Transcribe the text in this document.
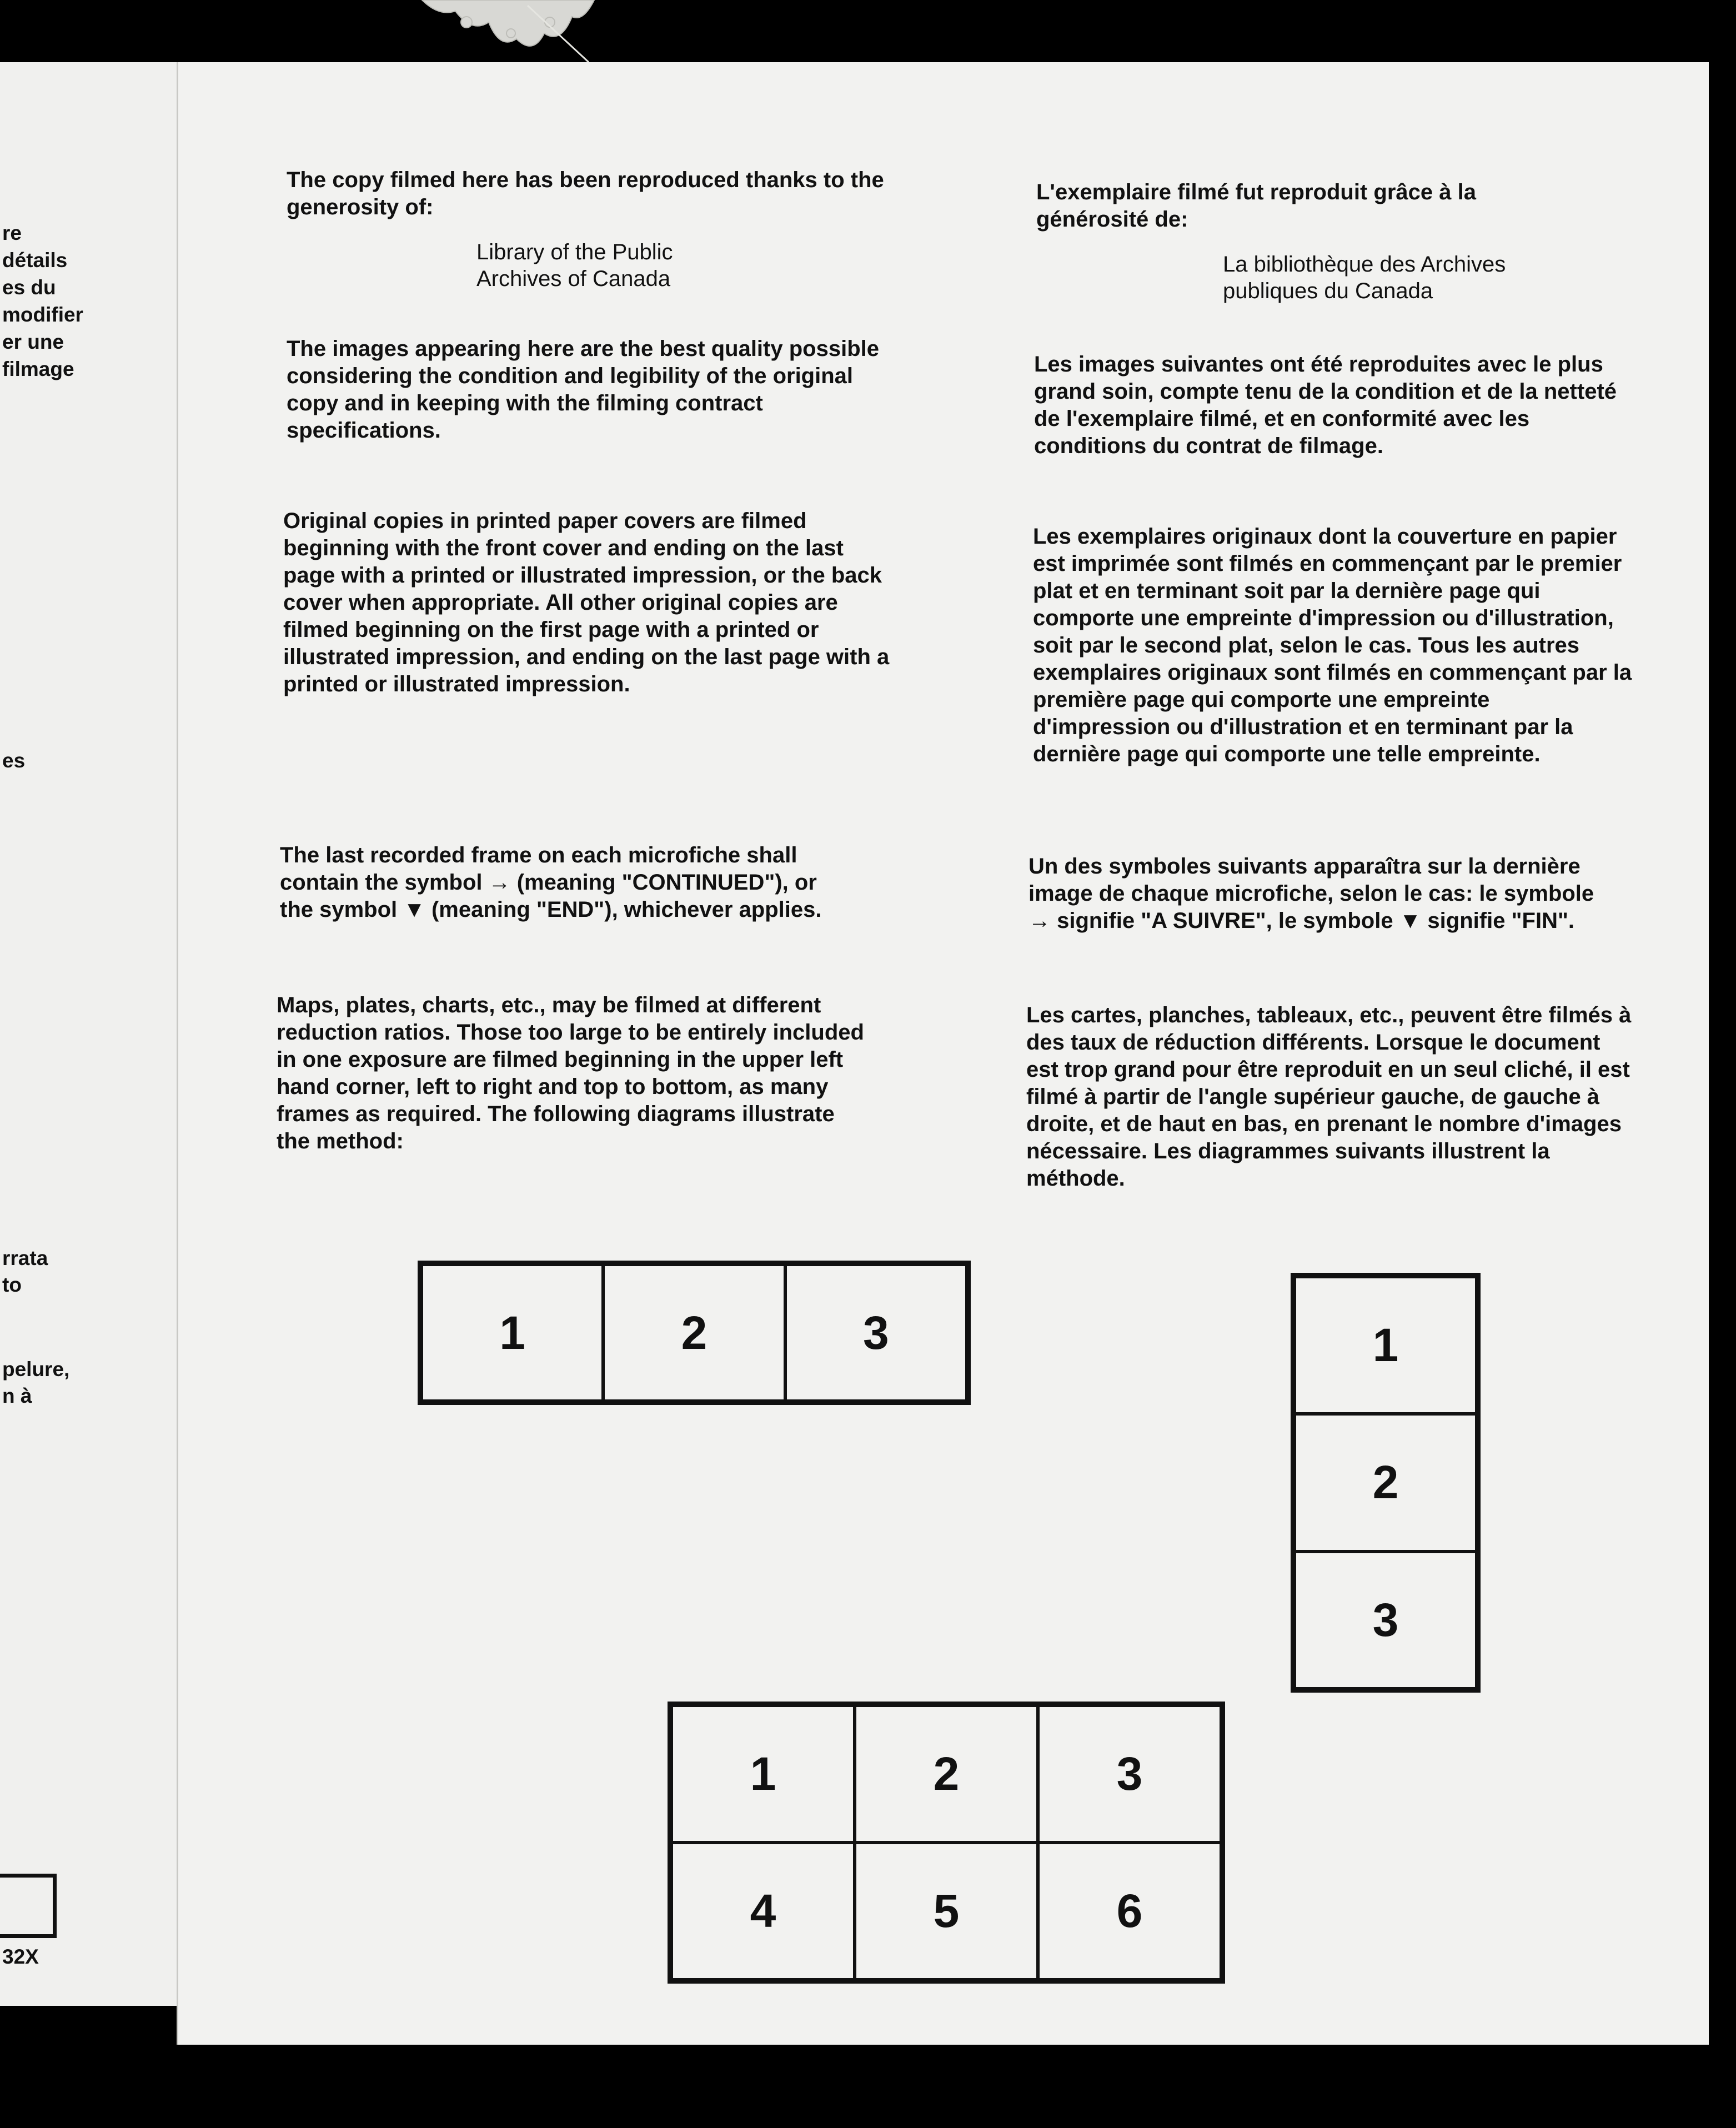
re
détails
es du
modifier
er une
filmage
es
rrata
to
pelure,
n à
32X

The copy filmed here has been reproduced thanks to the generosity of:

Library of the Public

Archives of Canada

The images appearing here are the best quality possible considering the condition and legibility of the original copy and in keeping with the filming contract specifications.

Original copies in printed paper covers are filmed beginning with the front cover and ending on the last page with a printed or illustrated impression, or the back cover when appropriate. All other original copies are filmed beginning on the first page with a printed or illustrated impression, and ending on the last page with a printed or illustrated impression.

The last recorded frame on each microfiche shall contain the symbol → (meaning "CONTINUED"), or the symbol ▼ (meaning "END"), whichever applies.

Maps, plates, charts, etc., may be filmed at different reduction ratios. Those too large to be entirely included in one exposure are filmed beginning in the upper left hand corner, left to right and top to bottom, as many frames as required. The following diagrams illustrate the method:

L'exemplaire filmé fut reproduit grâce à la générosité de:

La bibliothèque des Archives

publiques du Canada

Les images suivantes ont été reproduites avec le plus grand soin, compte tenu de la condition et de la netteté de l'exemplaire filmé, et en conformité avec les conditions du contrat de filmage.

Les exemplaires originaux dont la couverture en papier est imprimée sont filmés en commençant par le premier plat et en terminant soit par la dernière page qui comporte une empreinte d'impression ou d'illustration, soit par le second plat, selon le cas. Tous les autres exemplaires originaux sont filmés en commençant par la première page qui comporte une empreinte d'impression ou d'illustration et en terminant par la dernière page qui comporte une telle empreinte.

Un des symboles suivants apparaîtra sur la dernière image de chaque microfiche, selon le cas: le symbole → signifie "A SUIVRE", le symbole ▼ signifie "FIN".

Les cartes, planches, tableaux, etc., peuvent être filmés à des taux de réduction différents. Lorsque le document est trop grand pour être reproduit en un seul cliché, il est filmé à partir de l'angle supérieur gauche, de gauche à droite, et de haut en bas, en prenant le nombre d'images nécessaire. Les diagrammes suivants illustrent la méthode.

1	2	3	1
2
3
1	2	3
4	5	6
